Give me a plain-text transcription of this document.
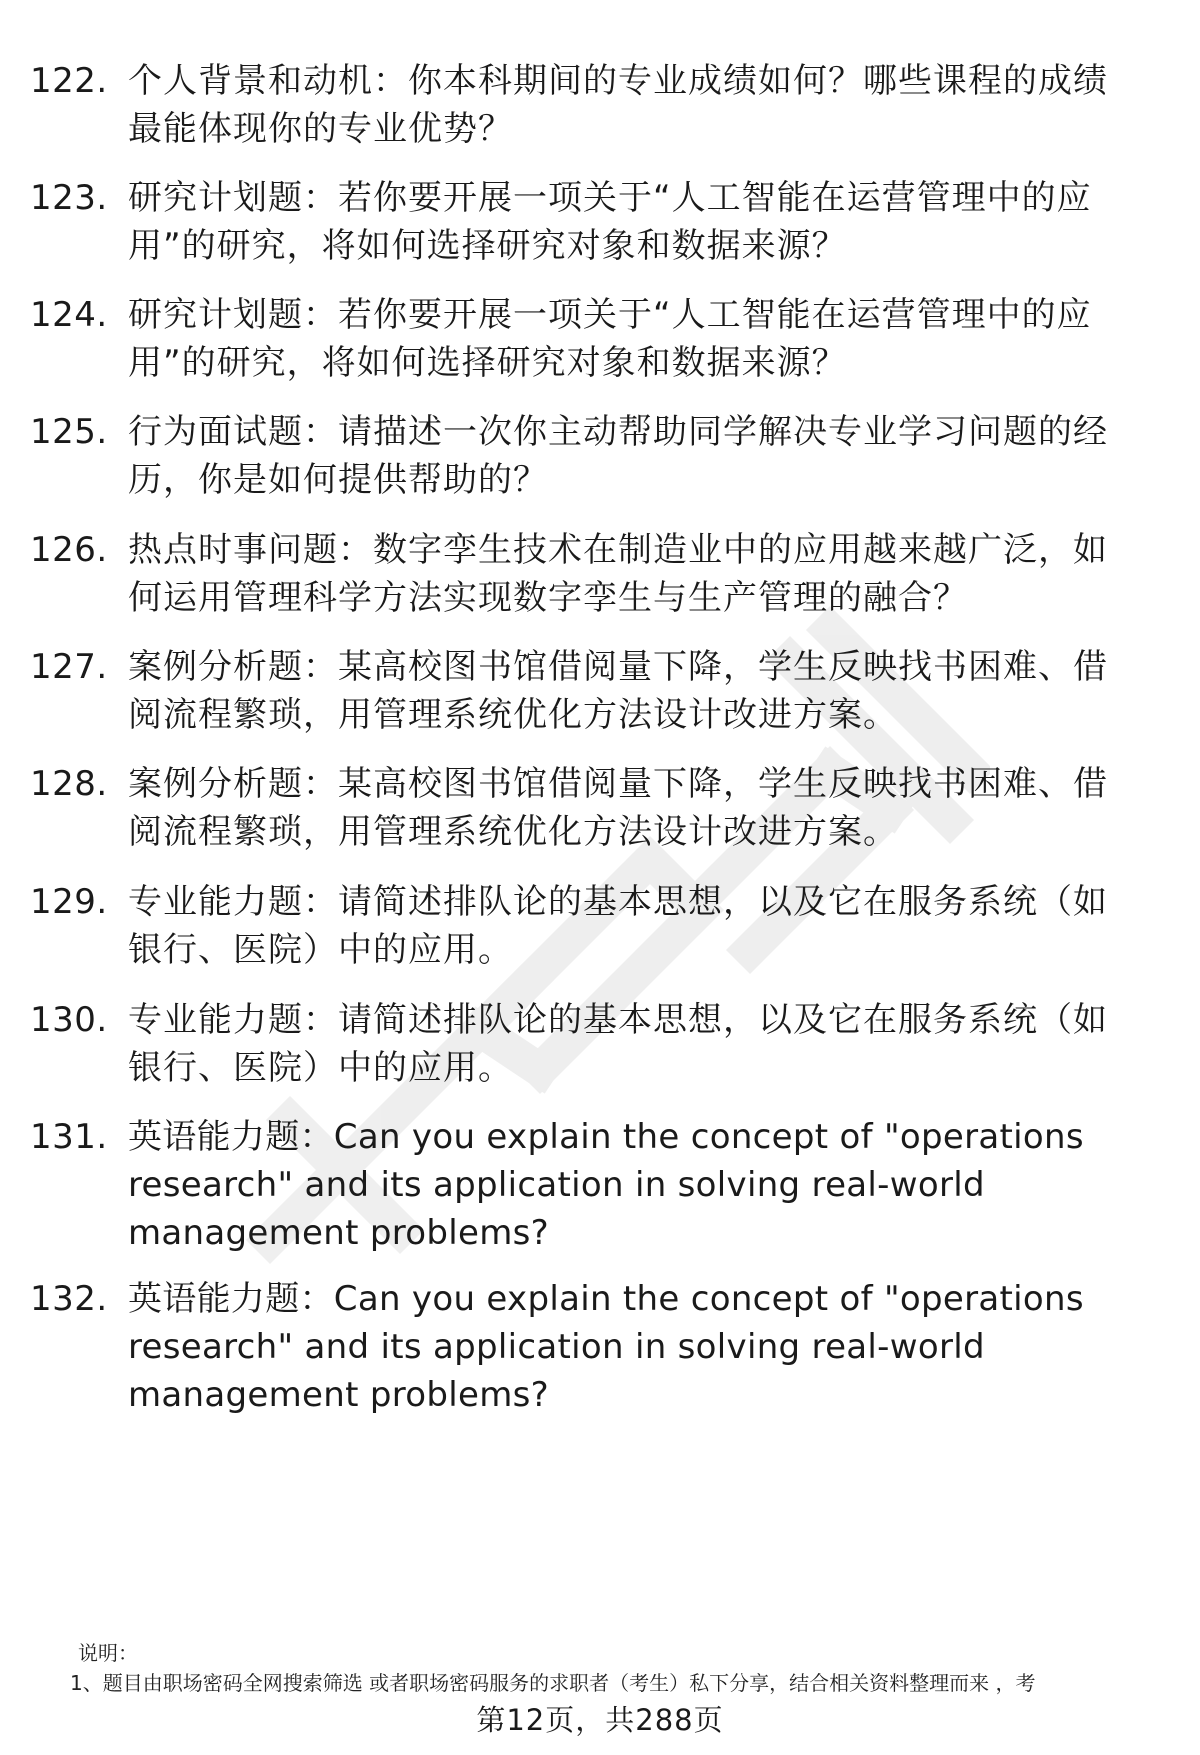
122. 个人背景和动机：你本科期间的专业成绩如何？哪些课程的成绩最能体现你的专业优势？
123. 研究计划题：若你要开展一项关于“人工智能在运营管理中的应用”的研究，将如何选择研究对象和数据来源？
124. 研究计划题：若你要开展一项关于“人工智能在运营管理中的应用”的研究，将如何选择研究对象和数据来源？
125. 行为面试题：请描述一次你主动帮助同学解决专业学习问题的经历，你是如何提供帮助的？
126. 热点时事问题：数字孪生技术在制造业中的应用越来越广泛，如何运用管理科学方法实现数字孪生与生产管理的融合？
127. 案例分析题：某高校图书馆借阅量下降，学生反映找书困难、借阅流程繁琐，用管理系统优化方法设计改进方案。
128. 案例分析题：某高校图书馆借阅量下降，学生反映找书困难、借阅流程繁琐，用管理系统优化方法设计改进方案。
129. 专业能力题：请简述排队论的基本思想，以及它在服务系统（如银行、医院）中的应用。
130. 专业能力题：请简述排队论的基本思想，以及它在服务系统（如银行、医院）中的应用。
131. 英语能力题：Can you explain the concept of "operations research" and its application in solving real-world management problems?
132. 英语能力题：Can you explain the concept of "operations research" and its application in solving real-world management problems?
说明：
1、题目由职场密码全网搜索筛选 或者职场密码服务的求职者（考生）私下分享，结合相关资料整理而来 ，考
第12页，共288页
